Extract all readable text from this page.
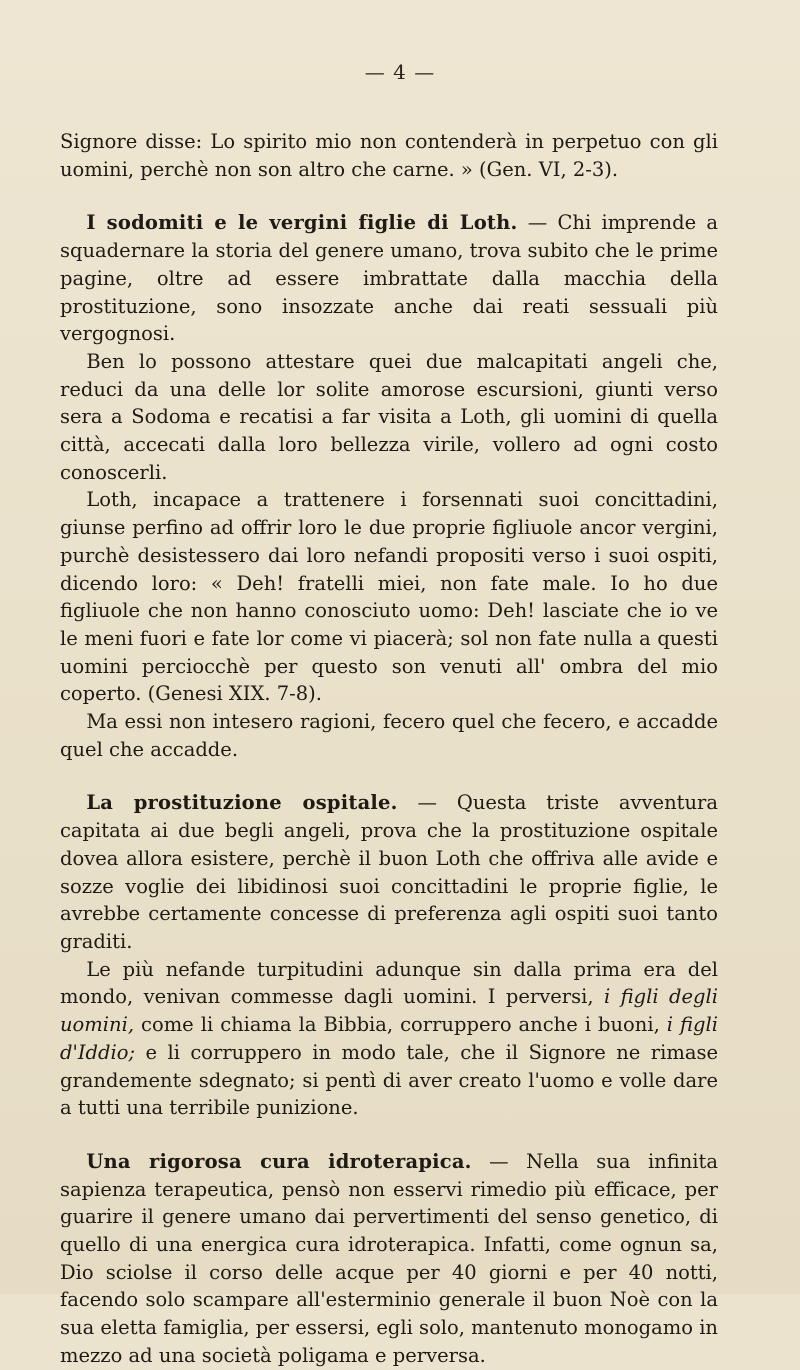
— 4 —

Signore disse: Lo spirito mio non contenderà in perpetuo con gli uomini, perchè non son altro che carne. » (Gen. VI, 2-3).

I sodomiti e le vergini figlie di Loth. — Chi imprende a squadernare la storia del genere umano, trova subito che le prime pagine, oltre ad essere imbrattate dalla macchia della prostituzione, sono insozzate anche dai reati sessuali più vergognosi.

Ben lo possono attestare quei due malcapitati angeli che, reduci da una delle lor solite amorose escursioni, giunti verso sera a Sodoma e recatisi a far visita a Loth, gli uomini di quella città, accecati dalla loro bellezza virile, vollero ad ogni costo conoscerli.

Loth, incapace a trattenere i forsennati suoi concittadini, giunse perfino ad offrir loro le due proprie figliuole ancor vergini, purchè desistessero dai loro nefandi propositi verso i suoi ospiti, dicendo loro: « Deh! fratelli miei, non fate male. Io ho due figliuole che non hanno conosciuto uomo: Deh! lasciate che io ve le meni fuori e fate lor come vi piacerà; sol non fate nulla a questi uomini perciocchè per questo son venuti all' ombra del mio coperto. (Genesi XIX. 7-8).

Ma essi non intesero ragioni, fecero quel che fecero, e accadde quel che accadde.

La prostituzione ospitale. — Questa triste avventura capitata ai due begli angeli, prova che la prostituzione ospitale dovea allora esistere, perchè il buon Loth che offriva alle avide e sozze voglie dei libidinosi suoi concittadini le proprie figlie, le avrebbe certamente concesse di preferenza agli ospiti suoi tanto graditi.

Le più nefande turpitudini adunque sin dalla prima era del mondo, venivan commesse dagli uomini. I perversi, i figli degli uomini, come li chiama la Bibbia, corruppero anche i buoni, i figli d'Iddio; e li corruppero in modo tale, che il Signore ne rimase grandemente sdegnato; si pentì di aver creato l'uomo e volle dare a tutti una terribile punizione.

Una rigorosa cura idroterapica. — Nella sua infinita sapienza terapeutica, pensò non esservi rimedio più efficace, per guarire il genere umano dai pervertimenti del senso genetico, di quello di una energica cura idroterapica. Infatti, come ognun sa, Dio sciolse il corso delle acque per 40 giorni e per 40 notti, facendo solo scampare all'esterminio generale il buon Noè con la sua eletta famiglia, per essersi, egli solo, mantenuto monogamo in mezzo ad una società poligama e perversa.
